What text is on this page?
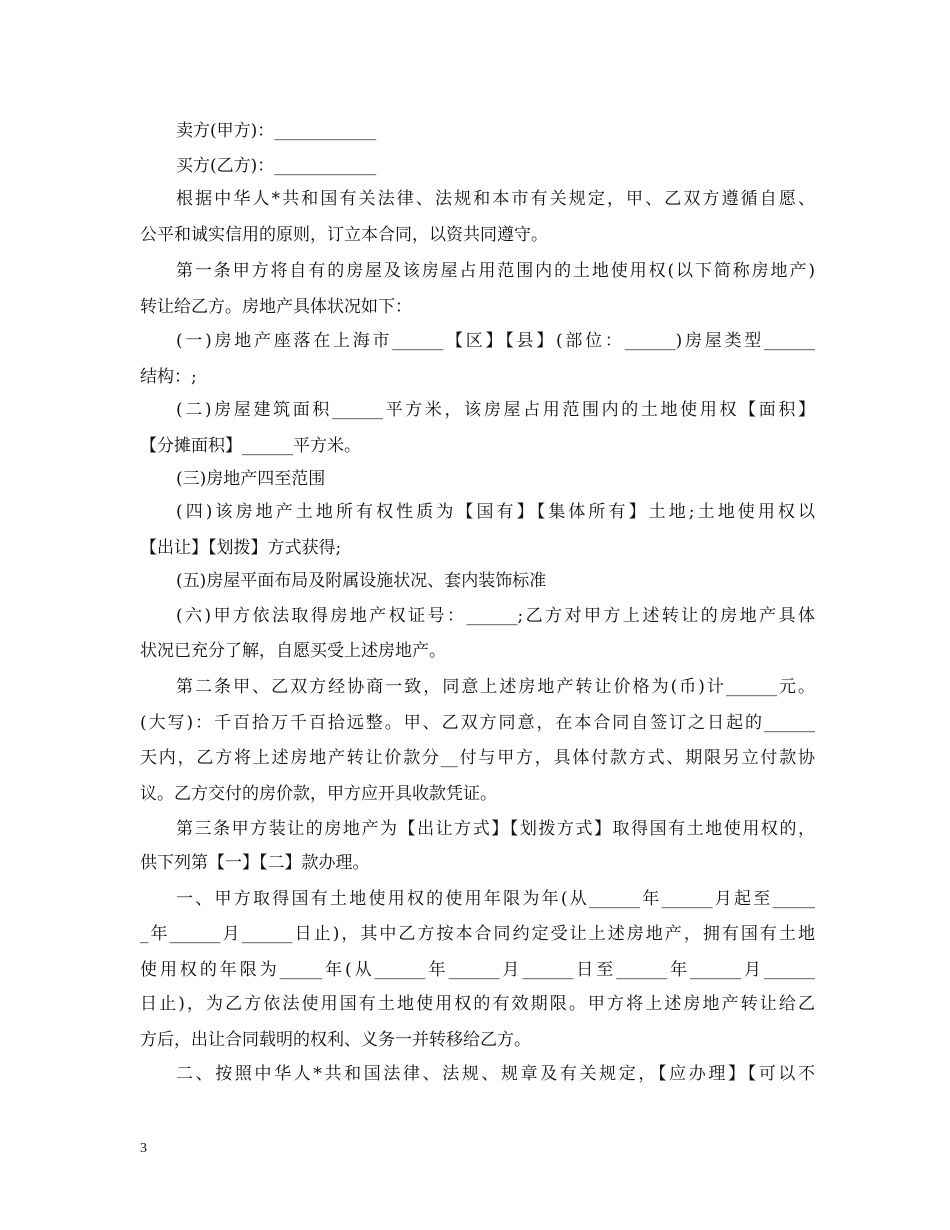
卖方(甲方)：____________
买方(乙方)：____________
根据中华人*共和国有关法律、法规和本市有关规定，甲、乙双方遵循自愿、
公平和诚实信用的原则，订立本合同，以资共同遵守。
第一条甲方将自有的房屋及该房屋占用范围内的土地使用权(以下简称房地产)
转让给乙方。房地产具体状况如下：
(一)房地产座落在上海市______【区】【县】(部位：______)房屋类型______
结构：;
(二)房屋建筑面积______平方米，该房屋占用范围内的土地使用权【面积】
【分摊面积】______平方米。
(三)房地产四至范围
(四)该房地产土地所有权性质为【国有】【集体所有】土地;土地使用权以
【出让】【划拨】方式获得;
(五)房屋平面布局及附属设施状况、套内装饰标准
(六)甲方依法取得房地产权证号：______;乙方对甲方上述转让的房地产具体
状况已充分了解，自愿买受上述房地产。
第二条甲、乙双方经协商一致，同意上述房地产转让价格为(币)计______元。
(大写)：千百拾万千百拾远整。甲、乙双方同意，在本合同自签订之日起的______
天内，乙方将上述房地产转让价款分__付与甲方，具体付款方式、期限另立付款协
议。乙方交付的房价款，甲方应开具收款凭证。
第三条甲方装让的房地产为【出让方式】【划拨方式】取得国有土地使用权的，
供下列第【一】【二】款办理。
一、甲方取得国有土地使用权的使用年限为年(从______年______月起至_____
_年______月______日止)，其中乙方按本合同约定受让上述房地产，拥有国有土地
使用权的年限为_____年(从______年______月______日至______年______月______
日止)，为乙方依法使用国有土地使用权的有效期限。甲方将上述房地产转让给乙
方后，出让合同载明的权利、义务一并转移给乙方。
二、按照中华人*共和国法律、法规、规章及有关规定，【应办理】【可以不
3
